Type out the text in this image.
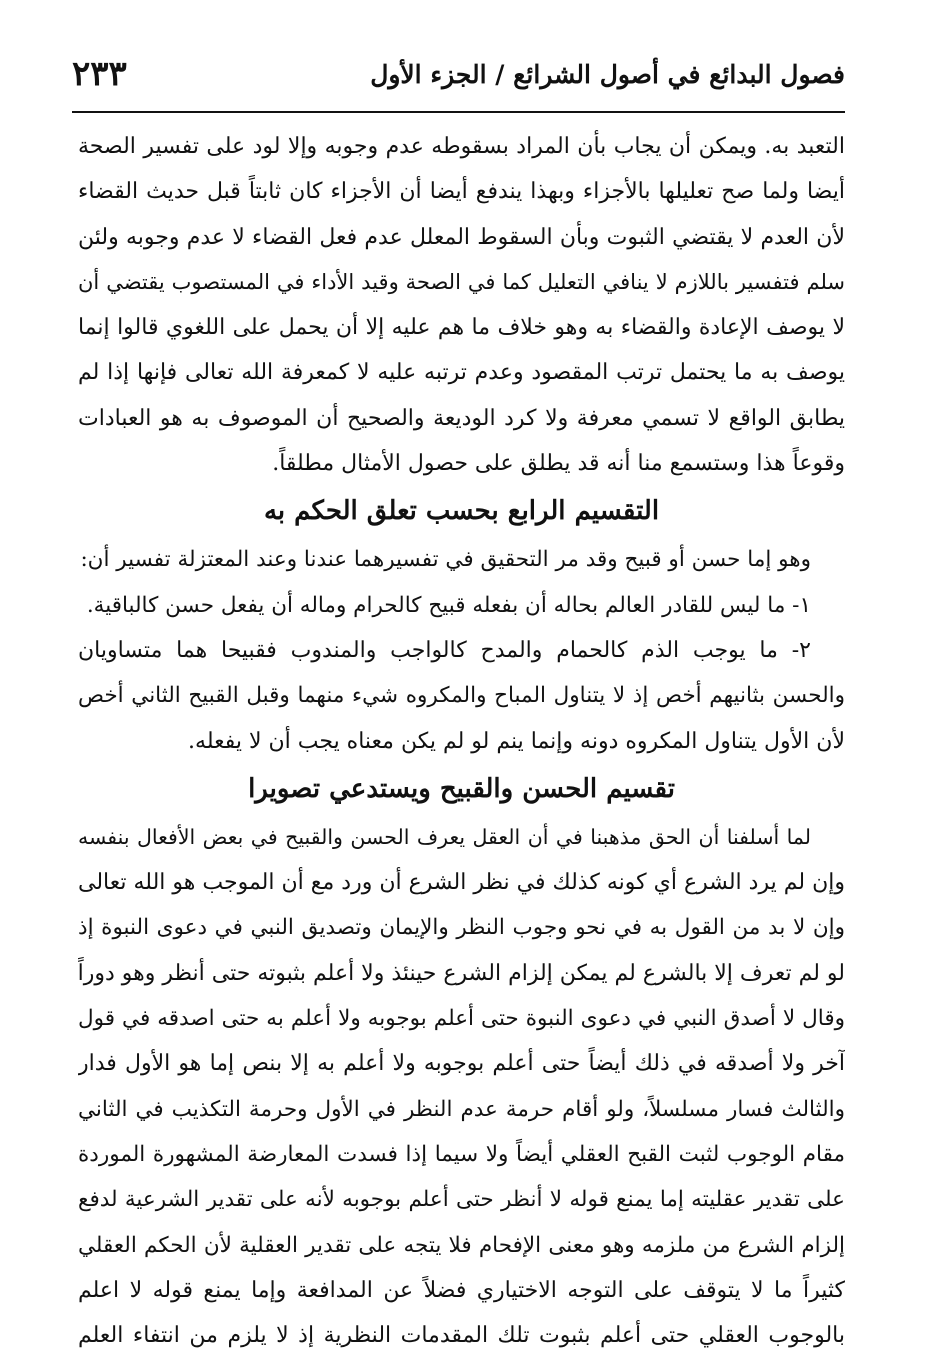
فصول البدائع في أصول الشرائع / الجزء الأول
٢٣٣
التعبد به. ويمكن أن يجاب بأن المراد بسقوطه عدم وجوبه وإلا لود على تفسير الصحة
أيضا ولما صح تعليلها بالأجزاء وبهذا يندفع أيضا أن الأجزاء كان ثابتاً قبل حديث القضاء
لأن العدم لا يقتضي الثبوت وبأن السقوط المعلل عدم فعل القضاء لا عدم وجوبه ولئن
سلم فتفسير باللازم لا ينافي التعليل كما في الصحة وقيد الأداء في المستصوب يقتضي أن
لا يوصف الإعادة والقضاء به وهو خلاف ما هم عليه إلا أن يحمل على اللغوي قالوا إنما
يوصف به ما يحتمل ترتب المقصود وعدم ترتبه عليه لا كمعرفة الله تعالى فإنها إذا لم
يطابق الواقع لا تسمي معرفة ولا كرد الوديعة والصحيح أن الموصوف به هو العبادات
وقوعاً هذا وستسمع منا أنه قد يطلق على حصول الأمثال مطلقاً.
التقسيم الرابع بحسب تعلق الحكم به
وهو إما حسن أو قبيح وقد مر التحقيق في تفسيرهما عندنا وعند المعتزلة تفسير أن:
١- ما ليس للقادر العالم بحاله أن بفعله قبيح كالحرام وماله أن يفعل حسن كالباقية.
٢- ما يوجب الذم كالحمام والمدح كالواجب والمندوب فقبيحا هما متساويان
والحسن بثانيهم أخص إذ لا يتناول المباح والمكروه شيء منهما وقبل القبيح الثاني أخص
لأن الأول يتناول المكروه دونه وإنما ينم لو لم يكن معناه يجب أن لا يفعله.
تقسيم الحسن والقبيح ويستدعي تصويرا
لما أسلفنا أن الحق مذهبنا في أن العقل يعرف الحسن والقبيح في بعض الأفعال بنفسه
وإن لم يرد الشرع أي كونه كذلك في نظر الشرع أن ورد مع أن الموجب هو الله تعالى
وإن لا بد من القول به في نحو وجوب النظر والإيمان وتصديق النبي في دعوى النبوة إذ
لو لم تعرف إلا بالشرع لم يمكن إلزام الشرع حينئذ ولا أعلم بثبوته حتى أنظر وهو دوراً
وقال لا أصدق النبي في دعوى النبوة حتى أعلم بوجوبه ولا أعلم به حتى اصدقه في قول
آخر ولا أصدقه في ذلك أيضاً حتى أعلم بوجوبه ولا أعلم به إلا بنص إما هو الأول فدار
والثالث فسار مسلسلاً، ولو أقام حرمة عدم النظر في الأول وحرمة التكذيب في الثاني
مقام الوجوب لثبت القبح العقلي أيضاً ولا سيما إذا فسدت المعارضة المشهورة الموردة
على تقدير عقليته إما يمنع قوله لا أنظر حتى أعلم بوجوبه لأنه على تقدير الشرعية لدفع
إلزام الشرع من ملزمه وهو معنى الإفحام فلا يتجه على تقدير العقلية لأن الحكم العقلي
كثيراً ما لا يتوقف على التوجه الاختياري فضلاً عن المدافعة وإما يمنع قوله لا اعلم
بالوجوب العقلي حتى أعلم بثبوت تلك المقدمات النظرية إذ لا يلزم من انتفاء العلم
